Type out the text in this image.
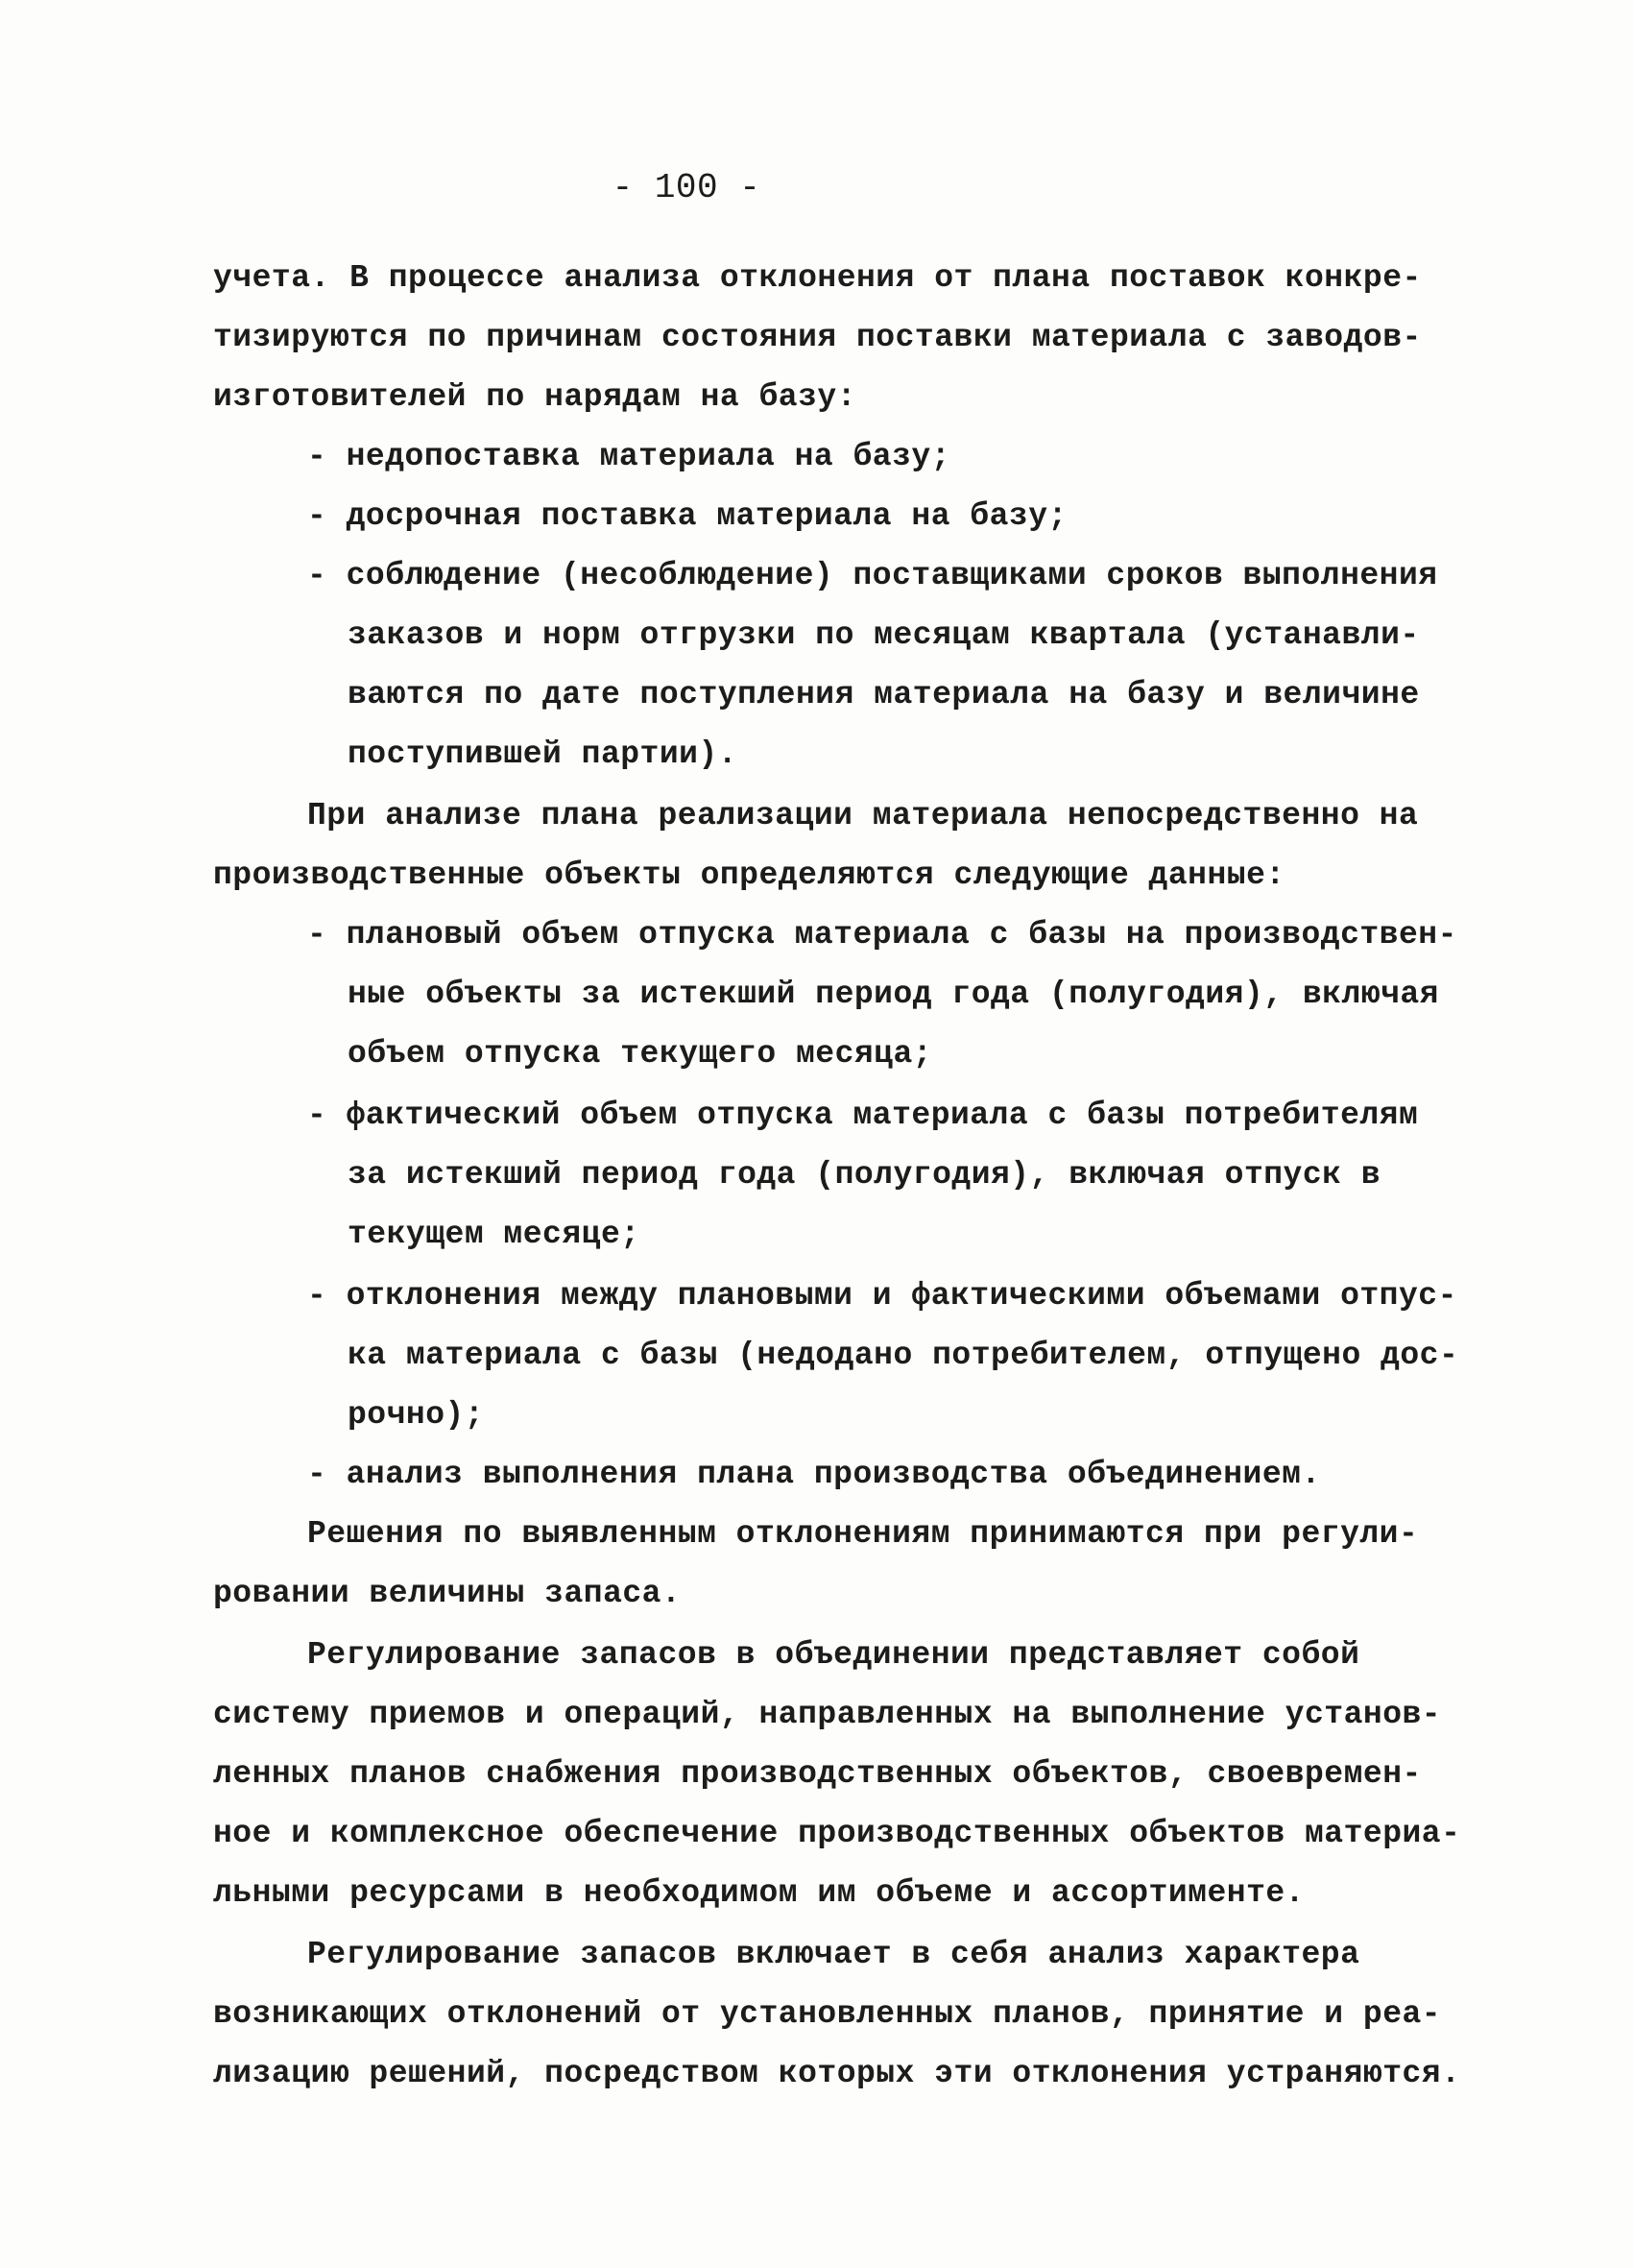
- 100 -
учета. В процессе анализа отклонения от плана поставок конкре-
тизируются по причинам состояния поставки материала с заводов-
изготовителей по нарядам на базу:
- недопоставка материала на базу;
- досрочная поставка материала на базу;
- соблюдение (несоблюдение) поставщиками сроков выполнения
заказов и норм отгрузки по месяцам квартала (устанавли-
ваются по дате поступления материала на базу и величине
поступившей партии).
При анализе плана реализации материала непосредственно на
производственные объекты определяются следующие данные:
- плановый объем отпуска материала с базы на производствен-
ные объекты за истекший период года (полугодия), включая
объем отпуска текущего месяца;
- фактический объем отпуска материала с базы потребителям
за истекший период года (полугодия), включая отпуск в
текущем месяце;
- отклонения между плановыми и фактическими объемами отпус-
ка материала с базы (недодано потребителем, отпущено дос-
рочно);
- анализ выполнения плана производства объединением.
Решения по выявленным отклонениям принимаются при регули-
ровании величины запаса.
Регулирование запасов в объединении представляет собой
систему приемов и операций, направленных на выполнение установ-
ленных планов снабжения производственных объектов, своевремен-
ное и комплексное обеспечение производственных объектов материа-
льными ресурсами в необходимом им объеме и ассортименте.
Регулирование запасов включает в себя анализ характера
возникающих отклонений от установленных планов, принятие и реа-
лизацию решений, посредством которых эти отклонения устраняются.
